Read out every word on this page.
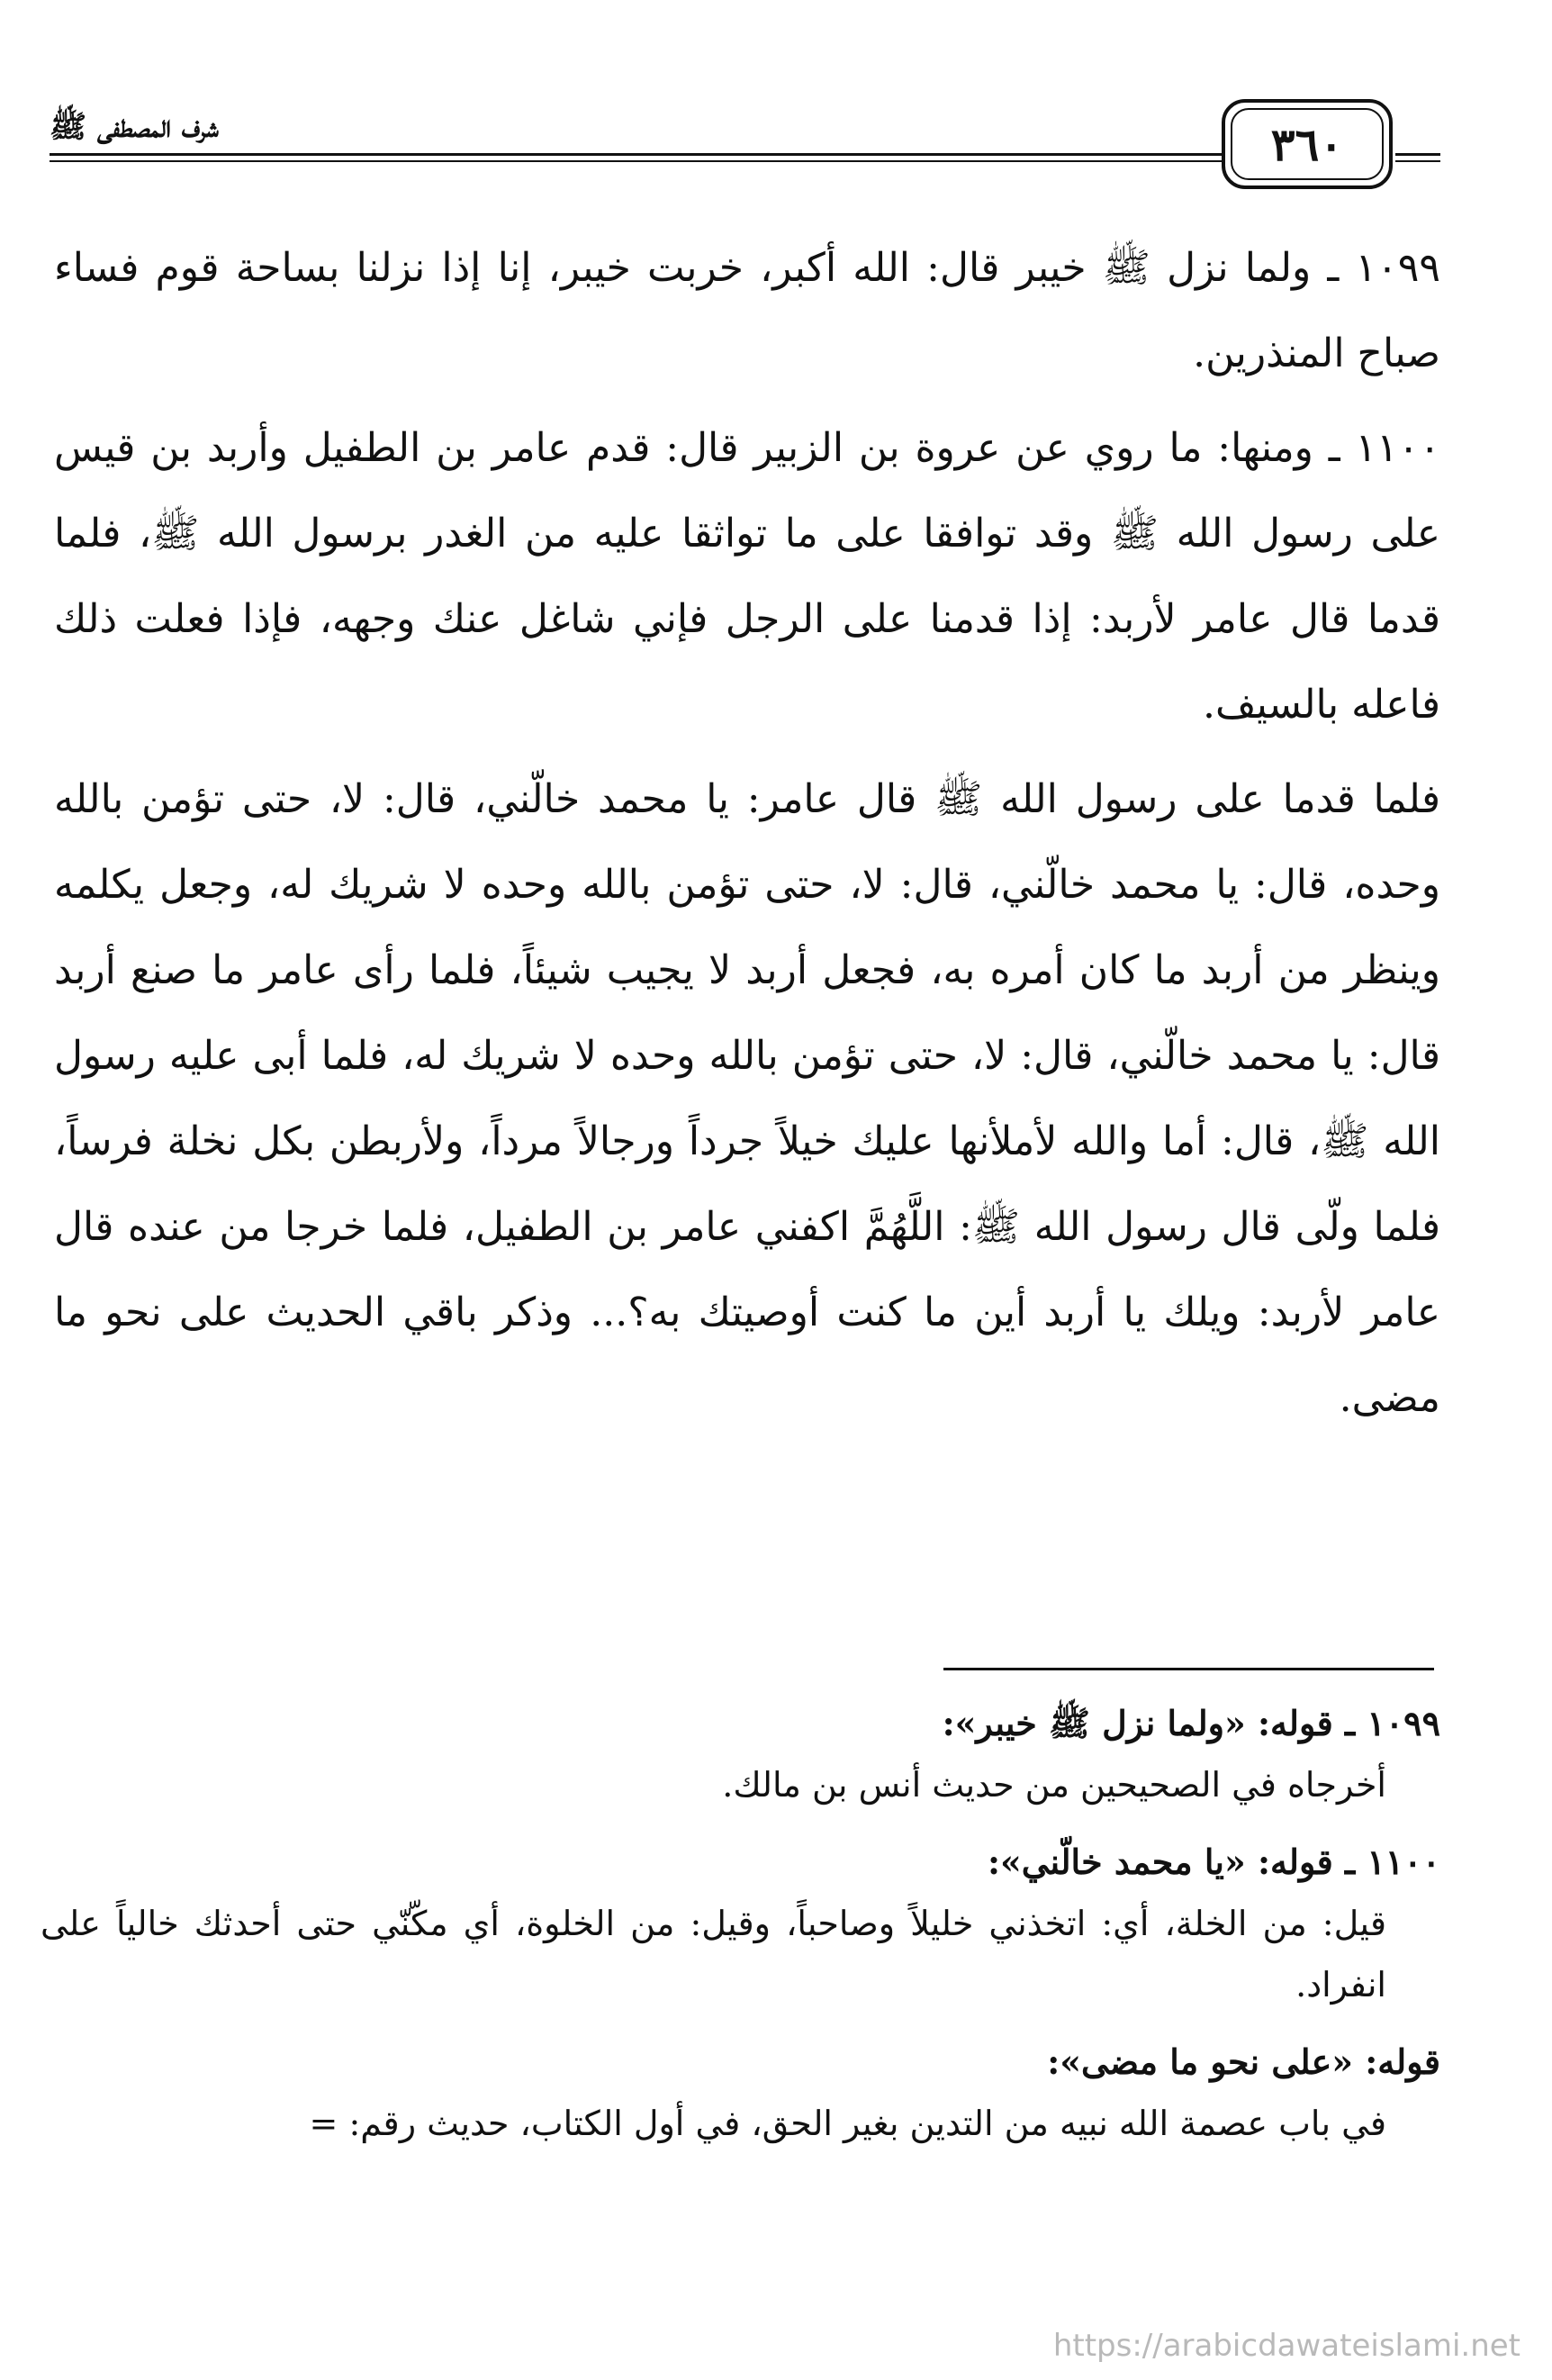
شرف المصطفى ﷺ	٣٦٠

١٠٩٩ ـ ولما نزل ﷺ خيبر قال: الله أكبر، خربت خيبر، إنا إذا نزلنا بساحة قوم فساء صباح المنذرين.

١١٠٠ ـ ومنها: ما روي عن عروة بن الزبير قال: قدم عامر بن الطفيل وأربد بن قيس على رسول الله ﷺ وقد توافقا على ما تواثقا عليه من الغدر برسول الله ﷺ، فلما قدما قال عامر لأربد: إذا قدمنا على الرجل فإني شاغل عنك وجهه، فإذا فعلت ذلك فاعله بالسيف.

فلما قدما على رسول الله ﷺ قال عامر: يا محمد خالّني، قال: لا، حتى تؤمن بالله وحده، قال: يا محمد خالّني، قال: لا، حتى تؤمن بالله وحده لا شريك له، وجعل يكلمه وينظر من أربد ما كان أمره به، فجعل أربد لا يجيب شيئاً، فلما رأى عامر ما صنع أربد قال: يا محمد خالّني، قال: لا، حتى تؤمن بالله وحده لا شريك له، فلما أبى عليه رسول الله ﷺ، قال: أما والله لأملأنها عليك خيلاً جرداً ورجالاً مرداً، ولأربطن بكل نخلة فرساً، فلما ولّى قال رسول الله ﷺ: اللَّهُمَّ اكفني عامر بن الطفيل، فلما خرجا من عنده قال عامر لأربد: ويلك يا أربد أين ما كنت أوصيتك به؟... وذكر باقي الحديث على نحو ما مضى.

١٠٩٩ ـ قوله: «ولما نزل ﷺ خيبر»:

أخرجاه في الصحيحين من حديث أنس بن مالك.

١١٠٠ ـ قوله: «يا محمد خالّني»:

قيل: من الخلة، أي: اتخذني خليلاً وصاحباً، وقيل: من الخلوة، أي مكّنّي حتى أحدثك خالياً على انفراد.

قوله: «على نحو ما مضى»:

في باب عصمة الله نبيه من التدين بغير الحق، في أول الكتاب، حديث رقم: =

https://arabicdawateislami.net
